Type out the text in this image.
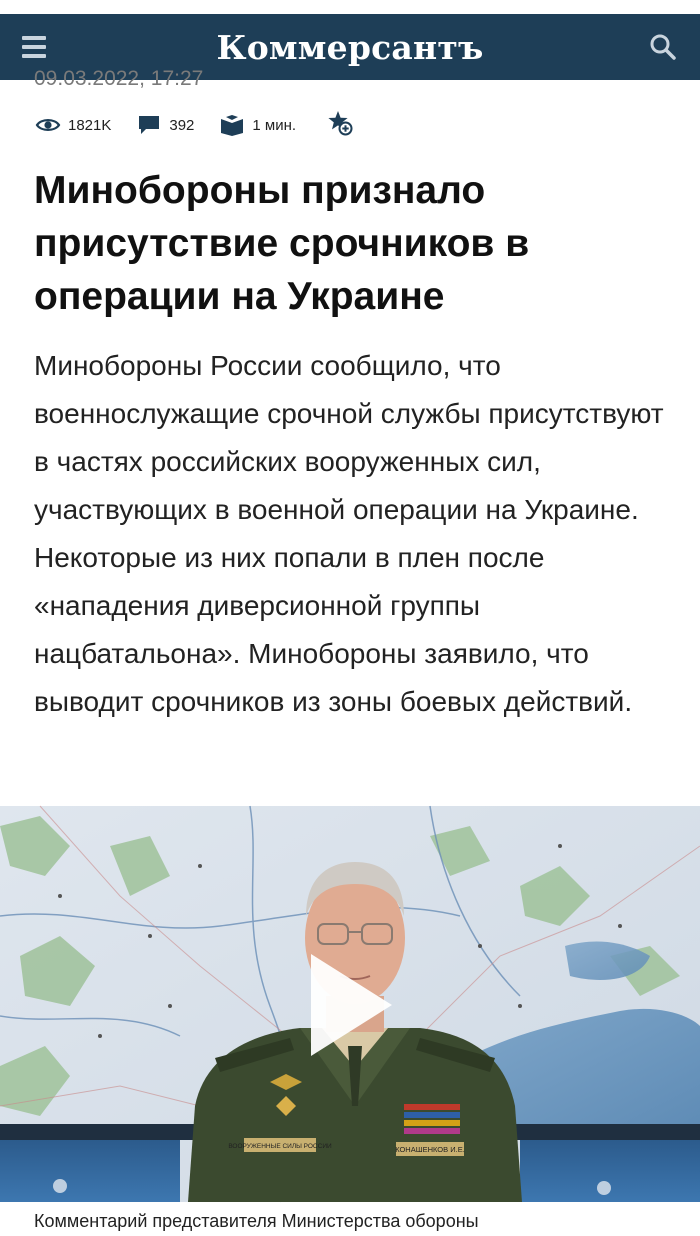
Коммерсантъ
09.03.2022, 17:27
1821K	392	1 мин.
Минобороны признало присутствие срочников в операции на Украине

Минобороны России сообщило, что военнослужащие срочной службы присутствуют в частях российских вооруженных сил, участвующих в военной операции на Украине. Некоторые из них попали в плен после «нападения диверсионной группы нацбатальона». Минобороны заявило, что выводит срочников из зоны боевых действий.

ВООРУЖЕННЫЕ СИЛЫ РОССИИ	КОНАШЕНКОВ И.Е.
Комментарий представителя Министерства обороны
